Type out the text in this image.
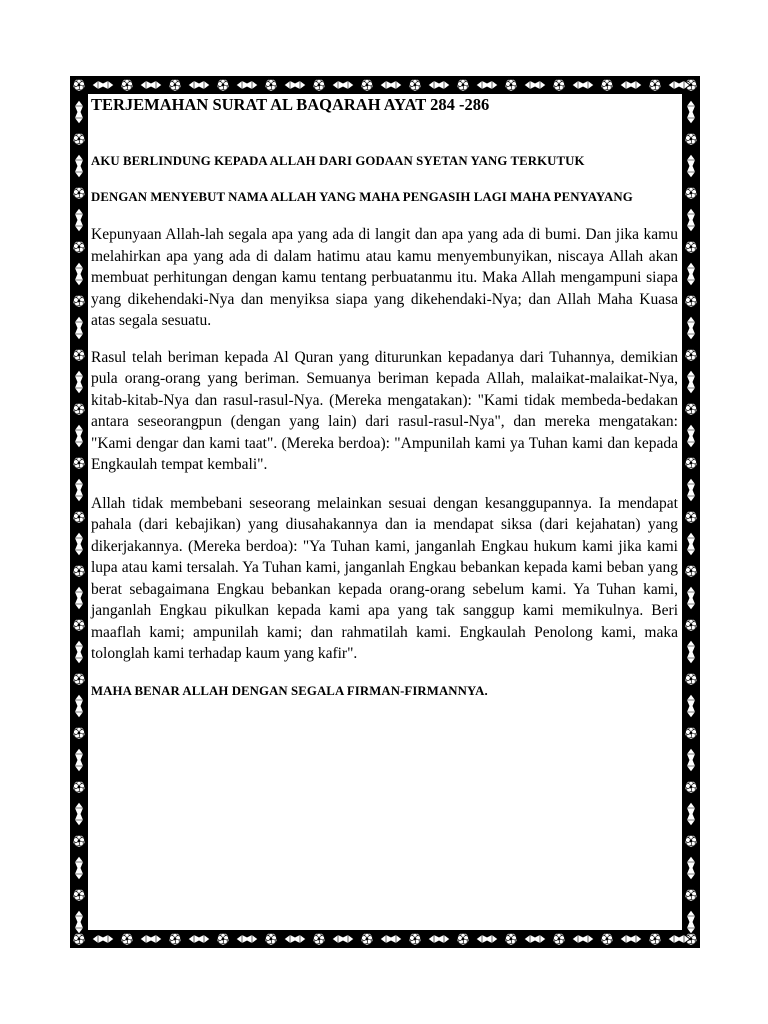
TERJEMAHAN SURAT AL BAQARAH AYAT 284 -286

AKU BERLINDUNG KEPADA ALLAH DARI GODAAN SYETAN YANG TERKUTUK

DENGAN MENYEBUT NAMA ALLAH YANG MAHA PENGASIH LAGI MAHA PENYAYANG

Kepunyaan Allah-lah segala apa yang ada di langit dan apa yang ada di bumi. Dan jika kamu melahirkan apa yang ada di dalam hatimu atau kamu menyembunyikan, niscaya Allah akan membuat perhitungan dengan kamu tentang perbuatanmu itu. Maka Allah mengampuni siapa yang dikehendaki-Nya dan menyiksa siapa yang dikehendaki-Nya; dan Allah Maha Kuasa atas segala sesuatu.

Rasul telah beriman kepada Al Quran yang diturunkan kepadanya dari Tuhannya, demikian pula orang-orang yang beriman. Semuanya beriman kepada Allah, malaikat-malaikat-Nya, kitab-kitab-Nya dan rasul-rasul-Nya. (Mereka mengatakan): "Kami tidak membeda-bedakan antara seseorangpun (dengan yang lain) dari rasul-rasul-Nya", dan mereka mengatakan: "Kami dengar dan kami taat". (Mereka berdoa): "Ampunilah kami ya Tuhan kami dan kepada Engkaulah tempat kembali".

Allah tidak membebani seseorang melainkan sesuai dengan kesanggupannya. Ia mendapat pahala (dari kebajikan) yang diusahakannya dan ia mendapat siksa (dari kejahatan) yang dikerjakannya. (Mereka berdoa): "Ya Tuhan kami, janganlah Engkau hukum kami jika kami lupa atau kami tersalah. Ya Tuhan kami, janganlah Engkau bebankan kepada kami beban yang berat sebagaimana Engkau bebankan kepada orang-orang sebelum kami. Ya Tuhan kami, janganlah Engkau pikulkan kepada kami apa yang tak sanggup kami memikulnya. Beri maaflah kami; ampunilah kami; dan rahmatilah kami. Engkaulah Penolong kami, maka tolonglah kami terhadap kaum yang kafir".

MAHA BENAR ALLAH DENGAN SEGALA FIRMAN-FIRMANNYA.
